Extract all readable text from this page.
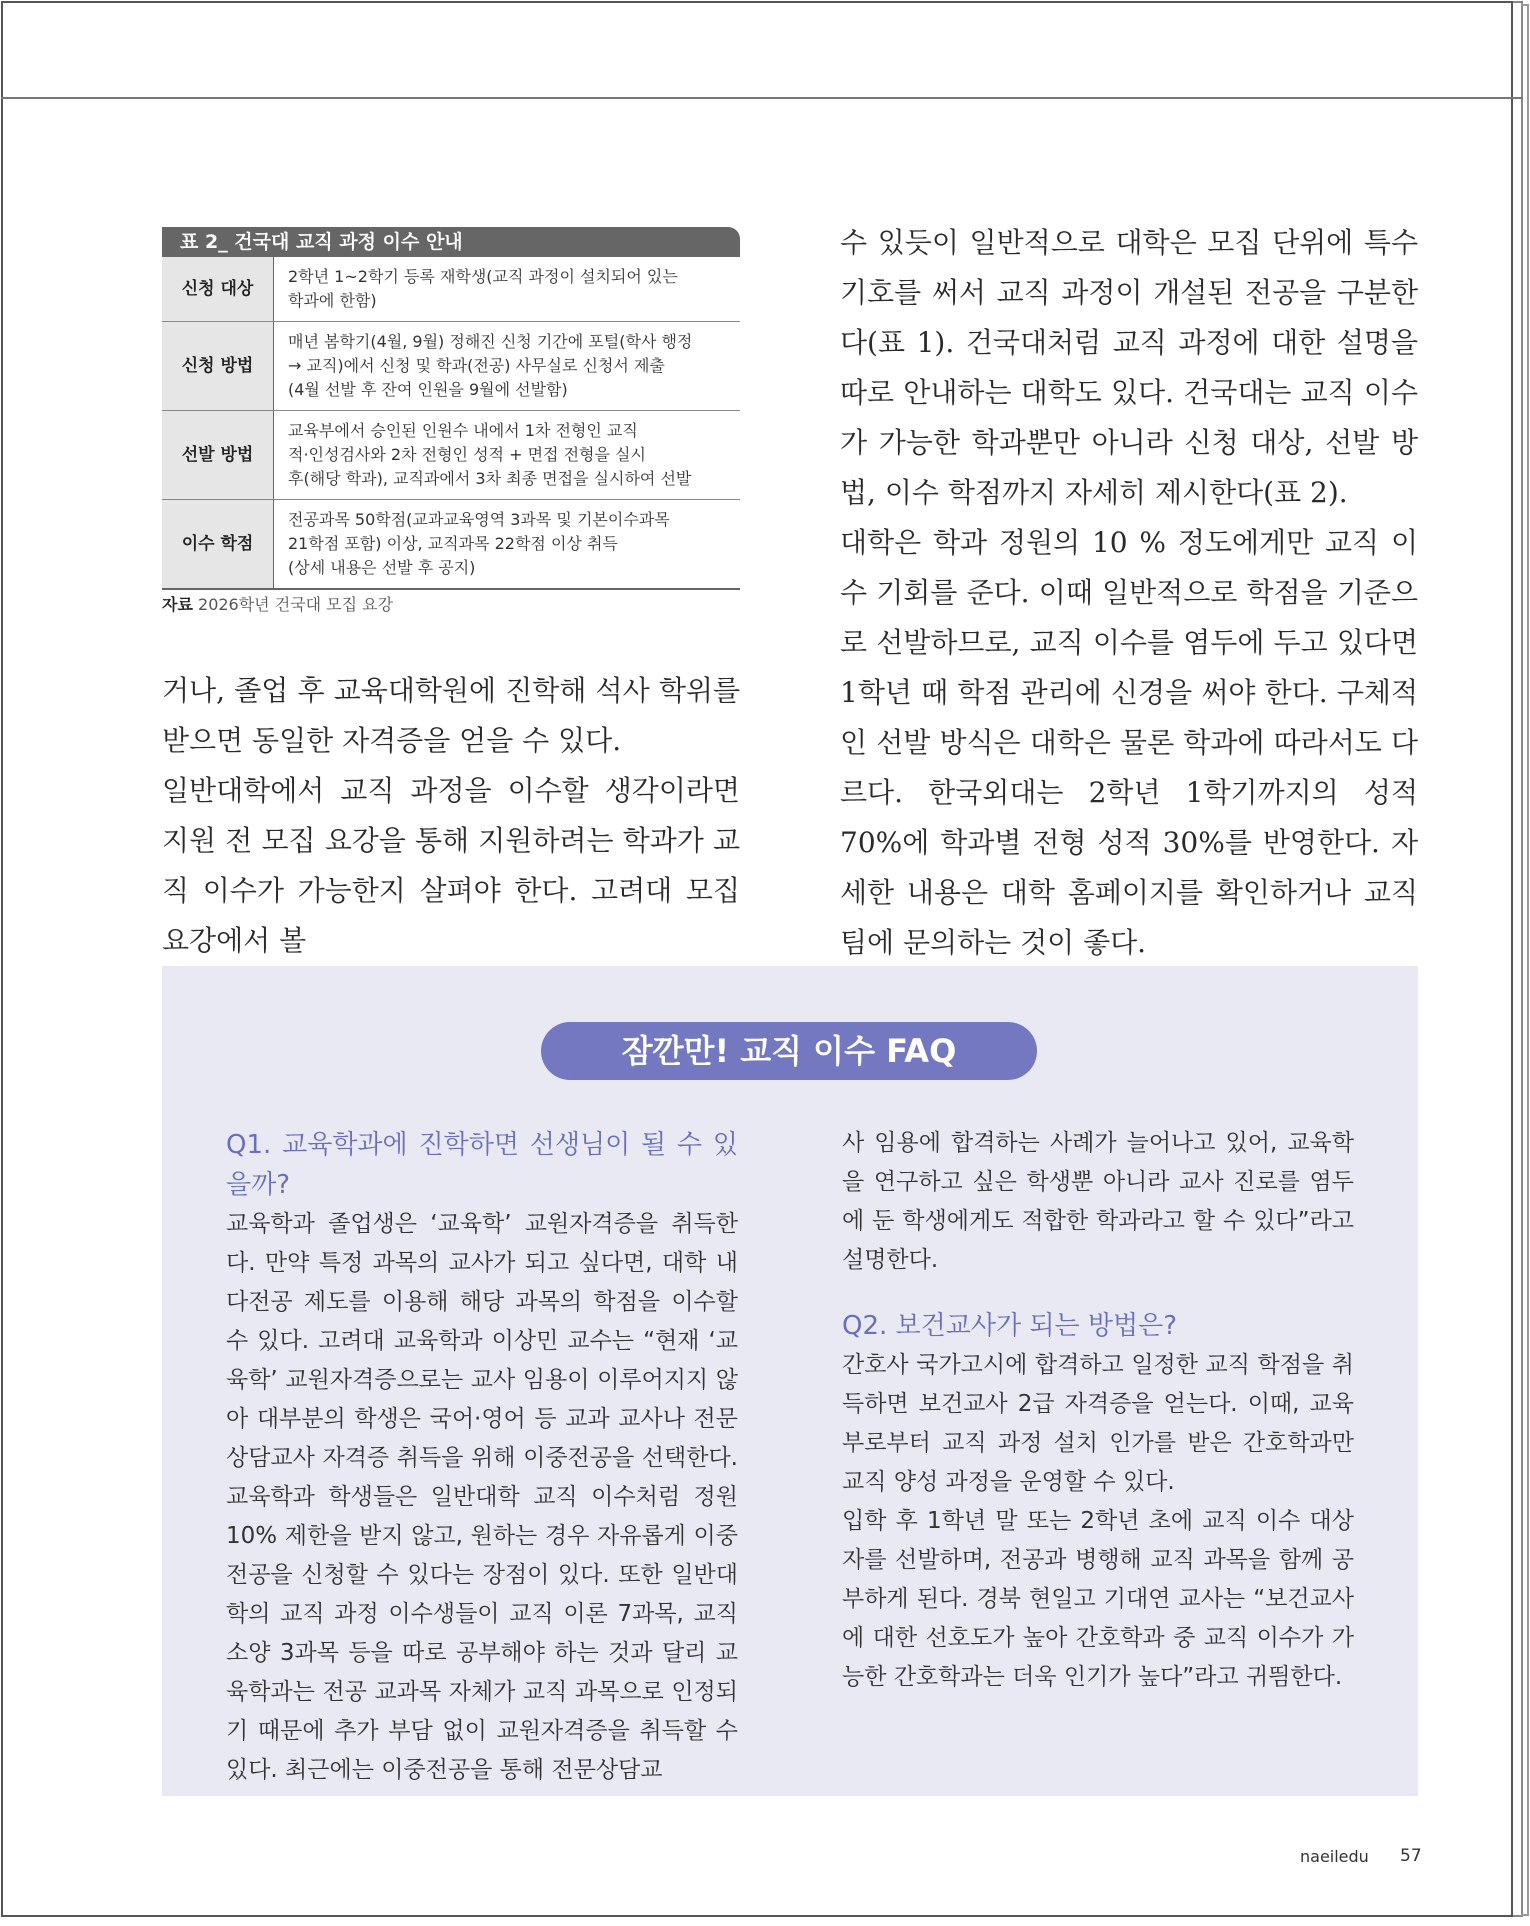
표 2_ 건국대 교직 과정 이수 안내
신청 대상	2학년 1~2학기 등록 재학생(교직 과정이 설치되어 있는
학과에 한함)

신청 방법	매년 봄학기(4월, 9월) 정해진 신청 기간에 포털(학사 행정
→ 교직)에서 신청 및 학과(전공) 사무실로 신청서 제출
(4월 선발 후 잔여 인원을 9월에 선발함)

선발 방법	교육부에서 승인된 인원수 내에서 1차 전형인 교직
적·인성검사와 2차 전형인 성적 + 면접 전형을 실시
후(해당 학과), 교직과에서 3차 최종 면접을 실시하여 선발

이수 학점	전공과목 50학점(교과교육영역 3과목 및 기본이수과목
21학점 포함) 이상, 교직과목 22학점 이상 취득
(상세 내용은 선발 후 공지)
자료 2026학년 건국대 모집 요강

거나, 졸업 후 교육대학원에 진학해 석사 학위를 받으면 동일한 자격증을 얻을 수 있다.

일반대학에서 교직 과정을 이수할 생각이라면 지원 전 모집 요강을 통해 지원하려는 학과가 교직 이수가 가능한지 살펴야 한다. 고려대 모집 요강에서 볼

수 있듯이 일반적으로 대학은 모집 단위에 특수기호를 써서 교직 과정이 개설된 전공을 구분한다(표 1). 건국대처럼 교직 과정에 대한 설명을 따로 안내하는 대학도 있다. 건국대는 교직 이수가 가능한 학과뿐만 아니라 신청 대상, 선발 방법, 이수 학점까지 자세히 제시한다(표 2).

대학은 학과 정원의 10 % 정도에게만 교직 이수 기회를 준다. 이때 일반적으로 학점을 기준으로 선발하므로, 교직 이수를 염두에 두고 있다면 1학년 때 학점 관리에 신경을 써야 한다. 구체적인 선발 방식은 대학은 물론 학과에 따라서도 다르다. 한국외대는 2학년 1학기까지의 성적 70%에 학과별 전형 성적 30%를 반영한다. 자세한 내용은 대학 홈페이지를 확인하거나 교직팀에 문의하는 것이 좋다.

잠깐만! 교직 이수 FAQ

Q1. 교육학과에 진학하면 선생님이 될 수 있을까?

교육학과 졸업생은 ‘교육학’ 교원자격증을 취득한다. 만약 특정 과목의 교사가 되고 싶다면, 대학 내 다전공 제도를 이용해 해당 과목의 학점을 이수할 수 있다. 고려대 교육학과 이상민 교수는 “현재 ‘교육학’ 교원자격증으로는 교사 임용이 이루어지지 않아 대부분의 학생은 국어·영어 등 교과 교사나 전문상담교사 자격증 취득을 위해 이중전공을 선택한다. 교육학과 학생들은 일반대학 교직 이수처럼 정원 10% 제한을 받지 않고, 원하는 경우 자유롭게 이중전공을 신청할 수 있다는 장점이 있다. 또한 일반대학의 교직 과정 이수생들이 교직 이론 7과목, 교직 소양 3과목 등을 따로 공부해야 하는 것과 달리 교육학과는 전공 교과목 자체가 교직 과목으로 인정되기 때문에 추가 부담 없이 교원자격증을 취득할 수 있다. 최근에는 이중전공을 통해 전문상담교

사 임용에 합격하는 사례가 늘어나고 있어, 교육학을 연구하고 싶은 학생뿐 아니라 교사 진로를 염두에 둔 학생에게도 적합한 학과라고 할 수 있다”라고 설명한다.

Q2. 보건교사가 되는 방법은?

간호사 국가고시에 합격하고 일정한 교직 학점을 취득하면 보건교사 2급 자격증을 얻는다. 이때, 교육부로부터 교직 과정 설치 인가를 받은 간호학과만 교직 양성 과정을 운영할 수 있다.

입학 후 1학년 말 또는 2학년 초에 교직 이수 대상자를 선발하며, 전공과 병행해 교직 과목을 함께 공부하게 된다. 경북 현일고 기대연 교사는 “보건교사에 대한 선호도가 높아 간호학과 중 교직 이수가 가능한 간호학과는 더욱 인기가 높다”라고 귀띔한다.

naeiledu 57
